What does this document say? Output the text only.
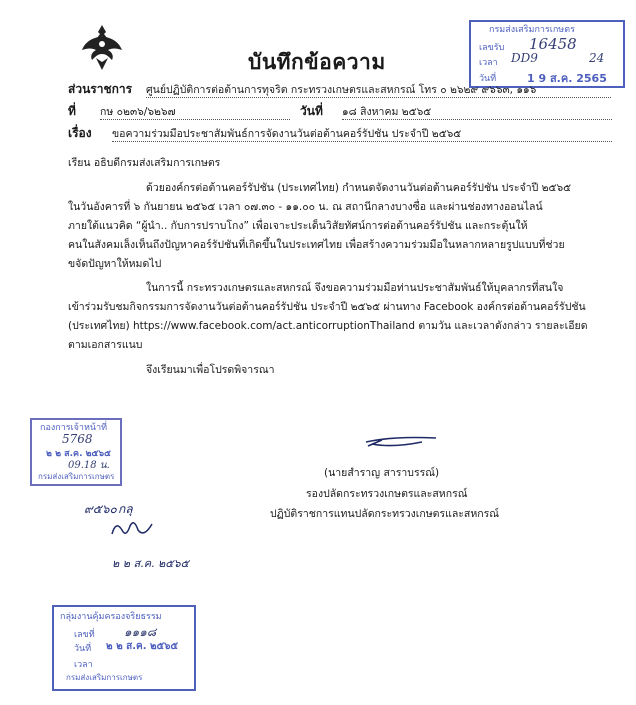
บันทึกข้อความ
กรมส่งเสริมการเกษตร
เลขรับ 16458
เวลา DD9	24
วันที่	1 9 ส.ค. 2565
ส่วนราชการ ศูนย์ปฏิบัติการต่อต้านการทุจริต กระทรวงเกษตรและสหกรณ์ โทร ๐ ๒๖๒๙ ๙๖๖๓, ๑๑๖
ที่ กษ ๐๒๓๖/๖๒๖๗	วันที่ ๑๘ สิงหาคม ๒๕๖๕
เรื่อง ขอความร่วมมือประชาสัมพันธ์การจัดงานวันต่อต้านคอร์รัปชัน ประจำปี ๒๕๖๕
เรียน อธิบดีกรมส่งเสริมการเกษตร
ด้วยองค์กรต่อต้านคอร์รัปชัน (ประเทศไทย) กำหนดจัดงานวันต่อต้านคอร์รัปชัน ประจำปี ๒๕๖๕
ในวันอังคารที่ ๖ กันยายน ๒๕๖๕ เวลา ๐๗.๓๐ - ๑๑.๐๐ น. ณ สถานีกลางบางซื่อ และผ่านช่องทางออนไลน์
ภายใต้แนวคิด “ผู้นำ.. กับการปราบโกง” เพื่อเจาะประเด็นวิสัยทัศน์การต่อต้านคอร์รัปชัน และกระตุ้นให้
คนในสังคมเล็งเห็นถึงปัญหาคอร์รัปชันที่เกิดขึ้นในประเทศไทย เพื่อสร้างความร่วมมือในหลากหลายรูปแบบที่ช่วย
ขจัดปัญหาให้หมดไป
ในการนี้ กระทรวงเกษตรและสหกรณ์ จึงขอความร่วมมือท่านประชาสัมพันธ์ให้บุคลากรที่สนใจ
เข้าร่วมรับชมกิจกรรมการจัดงานวันต่อต้านคอร์รัปชัน ประจำปี ๒๕๖๕ ผ่านทาง Facebook องค์กรต่อต้านคอร์รัปชัน
(ประเทศไทย) https://www.facebook.com/act.anticorruptionThailand ตามวัน และเวลาดังกล่าว รายละเอียด
ตามเอกสารแนบ
จึงเรียนมาเพื่อโปรดพิจารณา
กองการเจ้าหน้าที่
5768
๒ ๒ ส.ค. ๒๕๖๕
09.18 น.
กรมส่งเสริมการเกษตร	(นายสำราญ สาราบรรณ์)
รองปลัดกระทรวงเกษตรและสหกรณ์
ปฏิบัติราชการแทนปลัดกระทรวงเกษตรและสหกรณ์
๙๕๖๐ กลุ
๒ ๒ ส.ค. ๒๕๖๕
กลุ่มงานคุ้มครองจริยธรรม
เลขที่ ๑๑๑๘
วันที่ ๒ ๒ ส.ค. ๒๕๖๕
เวลา
กรมส่งเสริมการเกษตร
